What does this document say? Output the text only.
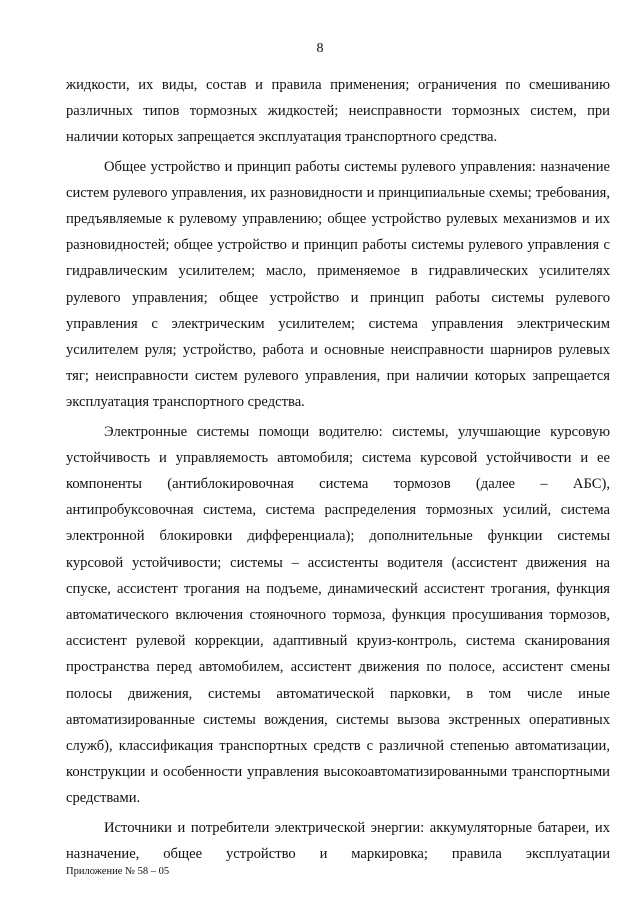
8

жидкости, их виды, состав и правила применения; ограничения по смешиванию различных типов тормозных жидкостей; неисправности тормозных систем, при наличии которых запрещается эксплуатация транспортного средства.

Общее устройство и принцип работы системы рулевого управления: назначение систем рулевого управления, их разновидности и принципиальные схемы; требования, предъявляемые к рулевому управлению; общее устройство рулевых механизмов и их разновидностей; общее устройство и принцип работы системы рулевого управления с гидравлическим усилителем; масло, применяемое в гидравлических усилителях рулевого управления; общее устройство и принцип работы системы рулевого управления с электрическим усилителем; система управления электрическим усилителем руля; устройство, работа и основные неисправности шарниров рулевых тяг; неисправности систем рулевого управления, при наличии которых запрещается эксплуатация транспортного средства.

Электронные системы помощи водителю: системы, улучшающие курсовую устойчивость и управляемость автомобиля; система курсовой устойчивости и ее компоненты (антиблокировочная система тормозов (далее – АБС), антипробуксовочная система, система распределения тормозных усилий, система электронной блокировки дифференциала); дополнительные функции системы курсовой устойчивости; системы – ассистенты водителя (ассистент движения на спуске, ассистент трогания на подъеме, динамический ассистент трогания, функция автоматического включения стояночного тормоза, функция просушивания тормозов, ассистент рулевой коррекции, адаптивный круиз-контроль, система сканирования пространства перед автомобилем, ассистент движения по полосе, ассистент смены полосы движения, системы автоматической парковки, в том числе иные автоматизированные системы вождения, системы вызова экстренных оперативных служб), классификация транспортных средств с различной степенью автоматизации, конструкции и особенности управления высокоавтоматизированными транспортными средствами.

Источники и потребители электрической энергии: аккумуляторные батареи, их назначение, общее устройство и маркировка; правила эксплуатации

Приложение № 58 – 05
